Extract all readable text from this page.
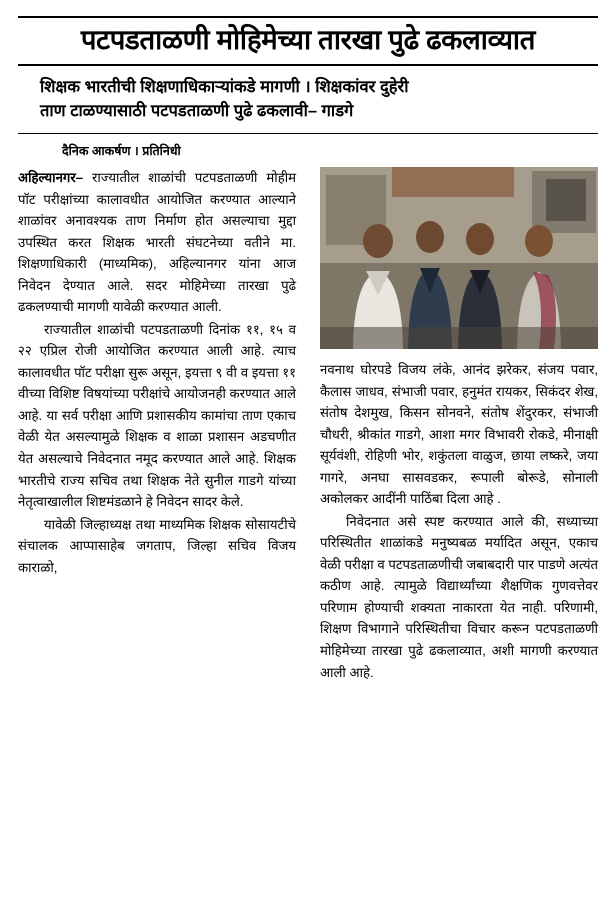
पटपडताळणी मोहिमेच्या तारखा पुढे ढकलाव्यात
शिक्षक भारतीची शिक्षणाधिकाऱ्यांकडे मागणी । शिक्षकांवर दुहेरी
ताण टाळण्यासाठी पटपडताळणी पुढे ढकलावी– गाडगे
दैनिक आकर्षण । प्रतिनिधी

अहिल्यानगर– राज्यातील शाळांची पटपडताळणी मोहीम पॉट परीक्षांच्या कालावधीत आयोजित करण्यात आल्याने शाळांवर अनावश्यक ताण निर्माण होत असल्याचा मुद्दा उपस्थित करत शिक्षक भारती संघटनेच्या वतीने मा. शिक्षणाधिकारी (माध्यमिक), अहिल्यानगर यांना आज निवेदन देण्यात आले. सदर मोहिमेच्या तारखा पुढे ढकलण्याची मागणी यावेळी करण्यात आली.

राज्यातील शाळांची पटपडताळणी दिनांक ११, १५ व २२ एप्रिल रोजी आयोजित करण्यात आली आहे. त्याच कालावधीत पॉट परीक्षा सुरू असून, इयत्ता ९ वी व इयत्ता ११ वीच्या विशिष्ट विषयांच्या परीक्षांचे आयोजनही करण्यात आले आहे. या सर्व परीक्षा आणि प्रशासकीय कामांचा ताण एकाच वेळी येत असल्यामुळे शिक्षक व शाळा प्रशासन अडचणीत येत असल्याचे निवेदनात नमूद करण्यात आले आहे. शिक्षक भारतीचे राज्य सचिव तथा शिक्षक नेते सुनील गाडगे यांच्या नेतृत्वाखालील शिष्टमंडळाने हे निवेदन सादर केले.

यावेळी जिल्हाध्यक्ष तथा माध्यमिक शिक्षक सोसायटीचे संचालक आप्पासाहेब जगताप, जिल्हा सचिव विजय काराळो,

नवनाथ घोरपडे विजय लंके, आनंद झरेकर, संजय पवार, कैलास जाधव, संभाजी पवार, हनुमंत रायकर, सिकंदर शेख, संतोष देशमुख, किसन सोनवने, संतोष शेंदुरकर, संभाजी चौधरी, श्रीकांत गाडगे, आशा मगर विभावरी रोकडे, मीनाक्षी सूर्यवंशी, रोहिणी भोर, शकुंतला वाळुज, छाया लष्करे, जया गागरे, अनघा सासवडकर, रूपाली बोरूडे, सोनाली अकोलकर आदींनी पाठिंबा दिला आहे .

निवेदनात असे स्पष्ट करण्यात आले की, सध्याच्या परिस्थितीत शाळांकडे मनुष्यबळ मर्यादित असून, एकाच वेळी परीक्षा व पटपडताळणीची जबाबदारी पार पाडणे अत्यंत कठीण आहे. त्यामुळे विद्यार्थ्यांच्या शैक्षणिक गुणवत्तेवर परिणाम होण्याची शक्यता नाकारता येत नाही. परिणामी, शिक्षण विभागाने परिस्थितीचा विचार करून पटपडताळणी मोहिमेच्या तारखा पुढे ढकलाव्यात, अशी मागणी करण्यात आली आहे.
